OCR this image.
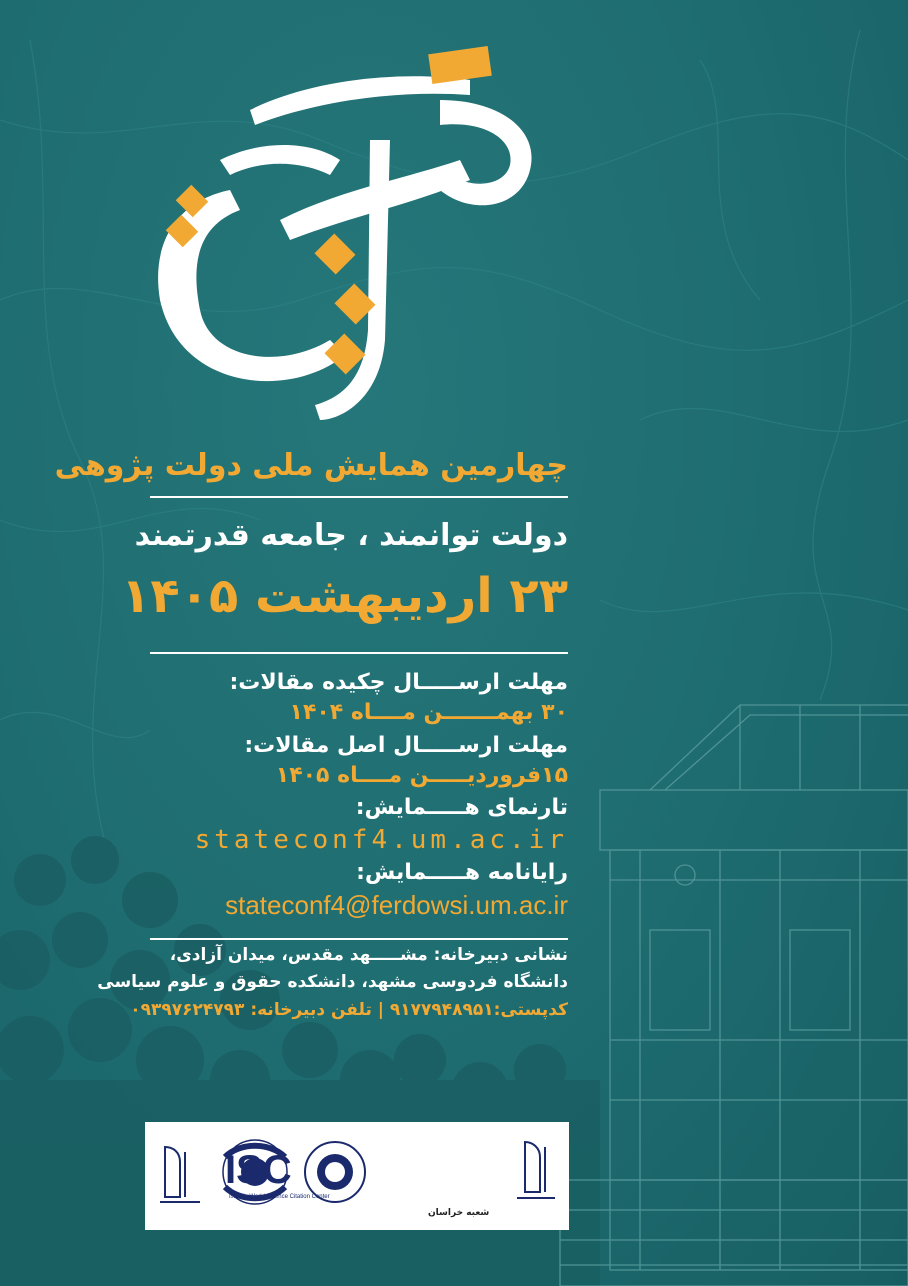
چهارمین همایش ملی دولت پژوهی
دولت توانمند ، جامعه قدرتمند
۲۳ اردیبهشت ۱۴۰۵
مهلت ارســـــال چکیده مقالات:
۳۰ بهمـــــــن مــــاه ۱۴۰۴
مهلت ارســـــال اصل مقالات:
۱۵فروردیـــــن مــــاه ۱۴۰۵
تارنمای هـــــمایش:
stateconf4.um.ac.ir
رایانامه هـــــمایش:
stateconf4@ferdowsi.um.ac.ir
نشانی دبیرخانه: مشـــــهد مقدس، میدان آزادی،
دانشگاه فردوسی مشهد، دانشکده حقوق و علوم سیاسی
کدپستی:۹۱۷۷۹۴۸۹۵۱ | تلفن دبیرخانه: ۰۹۳۹۷۶۲۴۷۹۳
ISC
Islamic World Science Citation Center
شعبه خراسان
